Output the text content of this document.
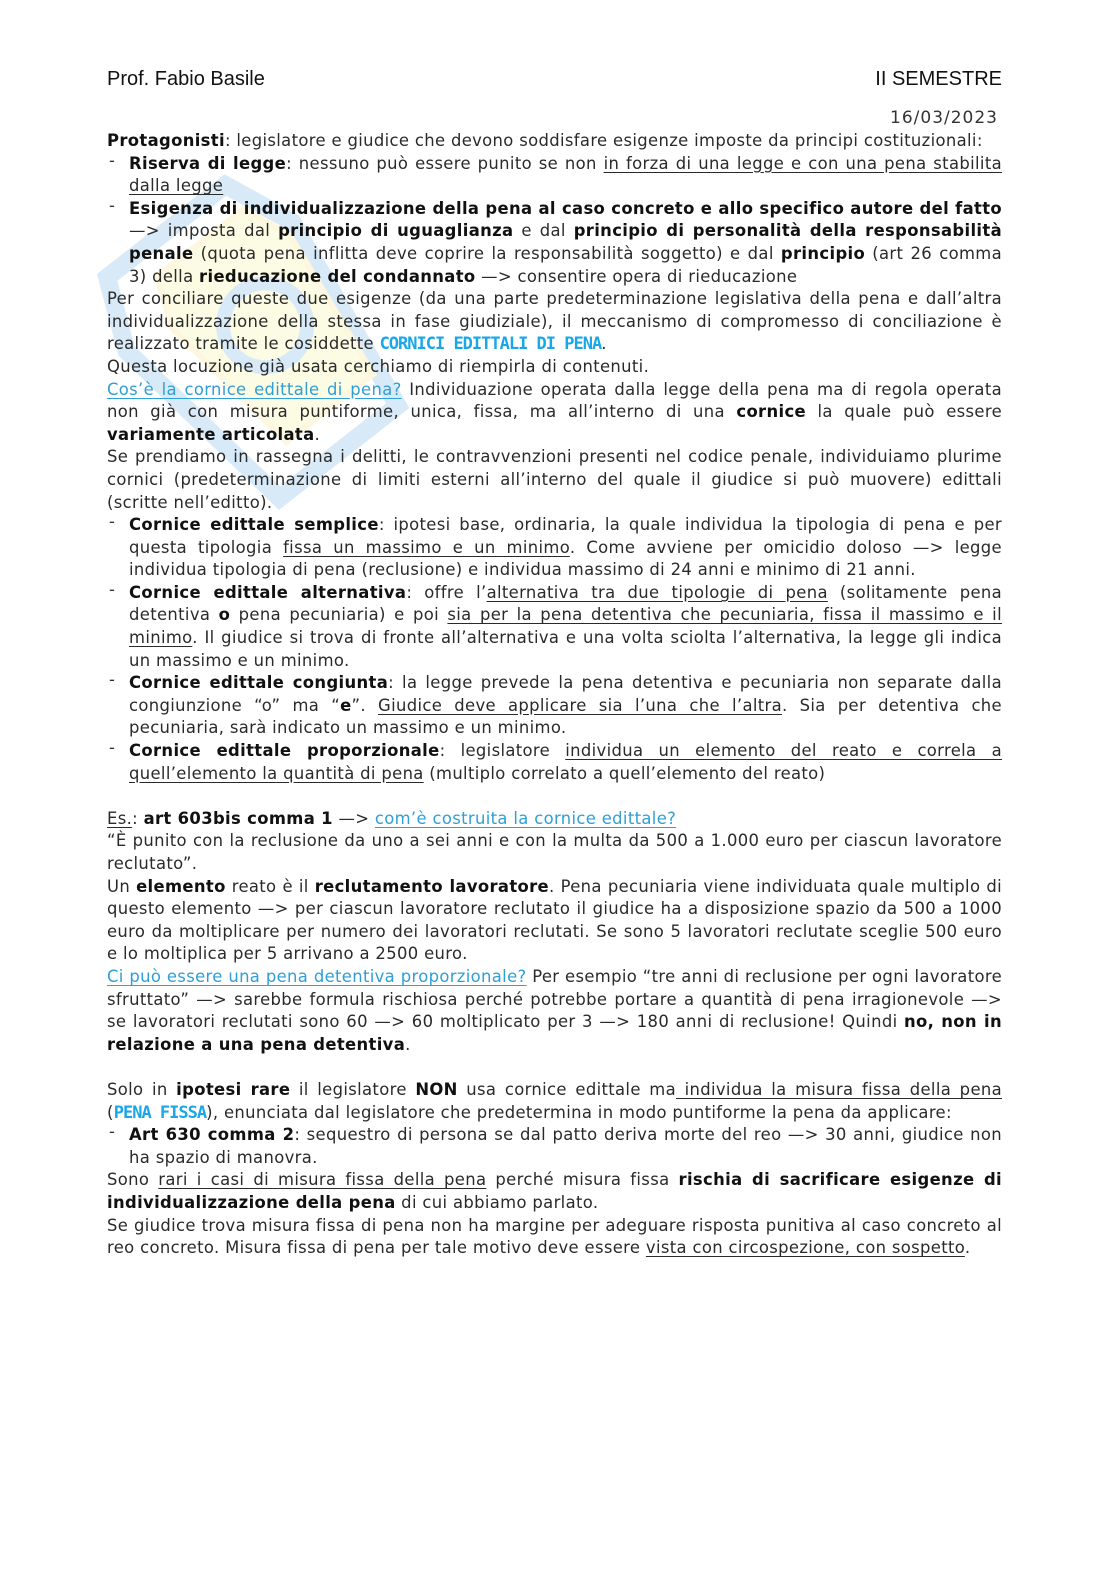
Prof. Fabio Basile	II SEMESTRE
16/03/2023

Protagonisti: legislatore e giudice che devono soddisfare esigenze imposte da principi costituzionali:

‐ Riserva di legge: nessuno può essere punito se non in forza di una legge e con una pena stabilita dalla legge
‐ Esigenza di individualizzazione della pena al caso concreto e allo specifico autore del fatto —> imposta dal principio di uguaglianza e dal principio di personalità della responsabilità penale (quota pena inflitta deve coprire la responsabilità soggetto) e dal principio (art 26 comma 3) della rieducazione del condannato —> consentire opera di rieducazione

Per conciliare queste due esigenze (da una parte predeterminazione legislativa della pena e dall’altra individualizzazione della stessa in fase giudiziale), il meccanismo di compromesso di conciliazione è realizzato tramite le cosiddette CORNICI EDITTALI DI PENA.

Questa locuzione già usata cerchiamo di riempirla di contenuti.

Cos’è la cornice edittale di pena? Individuazione operata dalla legge della pena ma di regola operata non già con misura puntiforme, unica, fissa, ma all’interno di una cornice la quale può essere variamente articolata.

Se prendiamo in rassegna i delitti, le contravvenzioni presenti nel codice penale, individuiamo plurime cornici (predeterminazione di limiti esterni all’interno del quale il giudice si può muovere) edittali (scritte nell’editto).

‐ Cornice edittale semplice: ipotesi base, ordinaria, la quale individua la tipologia di pena e per questa tipologia fissa un massimo e un minimo. Come avviene per omicidio doloso —> legge individua tipologia di pena (reclusione) e individua massimo di 24 anni e minimo di 21 anni.
‐ Cornice edittale alternativa: offre l’alternativa tra due tipologie di pena (solitamente pena detentiva o pena pecuniaria) e poi sia per la pena detentiva che pecuniaria, fissa il massimo e il minimo. Il giudice si trova di fronte all’alternativa e una volta sciolta l’alternativa, la legge gli indica un massimo e un minimo.
‐ Cornice edittale congiunta: la legge prevede la pena detentiva e pecuniaria non separate dalla congiunzione “o” ma “e”. Giudice deve applicare sia l’una che l’altra. Sia per detentiva che pecuniaria, sarà indicato un massimo e un minimo.
‐ Cornice edittale proporzionale: legislatore individua un elemento del reato e correla a quell’elemento la quantità di pena (multiplo correlato a quell’elemento del reato)

Es.: art 603bis comma 1 —> com’è costruita la cornice edittale?

“È punito con la reclusione da uno a sei anni e con la multa da 500 a 1.000 euro per ciascun lavoratore reclutato”.

Un elemento reato è il reclutamento lavoratore. Pena pecuniaria viene individuata quale multiplo di questo elemento —> per ciascun lavoratore reclutato il giudice ha a disposizione spazio da 500 a 1000 euro da moltiplicare per numero dei lavoratori reclutati. Se sono 5 lavoratori reclutate sceglie 500 euro e lo moltiplica per 5 arrivano a 2500 euro.

Ci può essere una pena detentiva proporzionale? Per esempio “tre anni di reclusione per ogni lavoratore sfruttato” —> sarebbe formula rischiosa perché potrebbe portare a quantità di pena irragionevole —> se lavoratori reclutati sono 60 —> 60 moltiplicato per 3 —> 180 anni di reclusione! Quindi no, non in relazione a una pena detentiva.

Solo in ipotesi rare il legislatore NON usa cornice edittale ma individua la misura fissa della pena (PENA FISSA), enunciata dal legislatore che predetermina in modo puntiforme la pena da applicare:

‐ Art 630 comma 2: sequestro di persona se dal patto deriva morte del reo —> 30 anni, giudice non ha spazio di manovra.

Sono rari i casi di misura fissa della pena perché misura fissa rischia di sacrificare esigenze di individualizzazione della pena di cui abbiamo parlato.

Se giudice trova misura fissa di pena non ha margine per adeguare risposta punitiva al caso concreto al reo concreto. Misura fissa di pena per tale motivo deve essere vista con circospezione, con sospetto.
